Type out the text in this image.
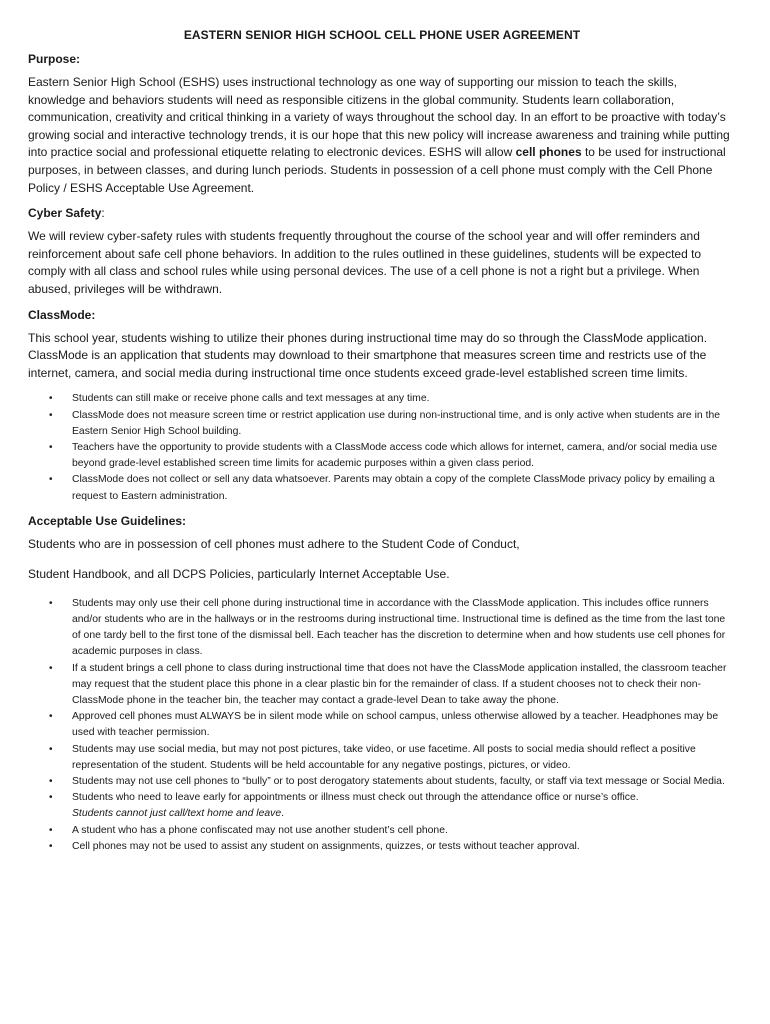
EASTERN SENIOR HIGH SCHOOL CELL PHONE USER AGREEMENT
Purpose:

Eastern Senior High School (ESHS) uses instructional technology as one way of supporting our mission to teach the skills, knowledge and behaviors students will need as responsible citizens in the global community. Students learn collaboration, communication, creativity and critical thinking in a variety of ways throughout the school day. In an effort to be proactive with today’s growing social and interactive technology trends, it is our hope that this new policy will increase awareness and training while putting into practice social and professional etiquette relating to electronic devices. ESHS will allow cell phones to be used for instructional purposes, in between classes, and during lunch periods. Students in possession of a cell phone must comply with the Cell Phone Policy / ESHS Acceptable Use Agreement.

Cyber Safety:

We will review cyber-safety rules with students frequently throughout the course of the school year and will offer reminders and reinforcement about safe cell phone behaviors. In addition to the rules outlined in these guidelines, students will be expected to comply with all class and school rules while using personal devices. The use of a cell phone is not a right but a privilege. When abused, privileges will be withdrawn.

ClassMode:

This school year, students wishing to utilize their phones during instructional time may do so through the ClassMode application. ClassMode is an application that students may download to their smartphone that measures screen time and restricts use of the internet, camera, and social media during instructional time once students exceed grade-level established screen time limits.

• Students can still make or receive phone calls and text messages at any time.
• ClassMode does not measure screen time or restrict application use during non-instructional time, and is only active when students are in the Eastern Senior High School building.
• Teachers have the opportunity to provide students with a ClassMode access code which allows for internet, camera, and/or social media use beyond grade-level established screen time limits for academic purposes within a given class period.
• ClassMode does not collect or sell any data whatsoever. Parents may obtain a copy of the complete ClassMode privacy policy by emailing a request to Eastern administration.
Acceptable Use Guidelines:

Students who are in possession of cell phones must adhere to the Student Code of Conduct,

Student Handbook, and all DCPS Policies, particularly Internet Acceptable Use.

• Students may only use their cell phone during instructional time in accordance with the ClassMode application. This includes office runners and/or students who are in the hallways or in the restrooms during instructional time. Instructional time is defined as the time from the last tone of one tardy bell to the first tone of the dismissal bell. Each teacher has the discretion to determine when and how students use cell phones for academic purposes in class.
• If a student brings a cell phone to class during instructional time that does not have the ClassMode application installed, the classroom teacher may request that the student place this phone in a clear plastic bin for the remainder of class. If a student chooses not to check their non-ClassMode phone in the teacher bin, the teacher may contact a grade-level Dean to take away the phone.
• Approved cell phones must ALWAYS be in silent mode while on school campus, unless otherwise allowed by a teacher. Headphones may be used with teacher permission.
• Students may use social media, but may not post pictures, take video, or use facetime. All posts to social media should reflect a positive representation of the student. Students will be held accountable for any negative postings, pictures, or video.
• Students may not use cell phones to “bully” or to post derogatory statements about students, faculty, or staff via text message or Social Media.
• Students who need to leave early for appointments or illness must check out through the attendance office or nurse’s office.
Students cannot just call/text home and leave.
• A student who has a phone confiscated may not use another student’s cell phone.
• Cell phones may not be used to assist any student on assignments, quizzes, or tests without teacher approval.
